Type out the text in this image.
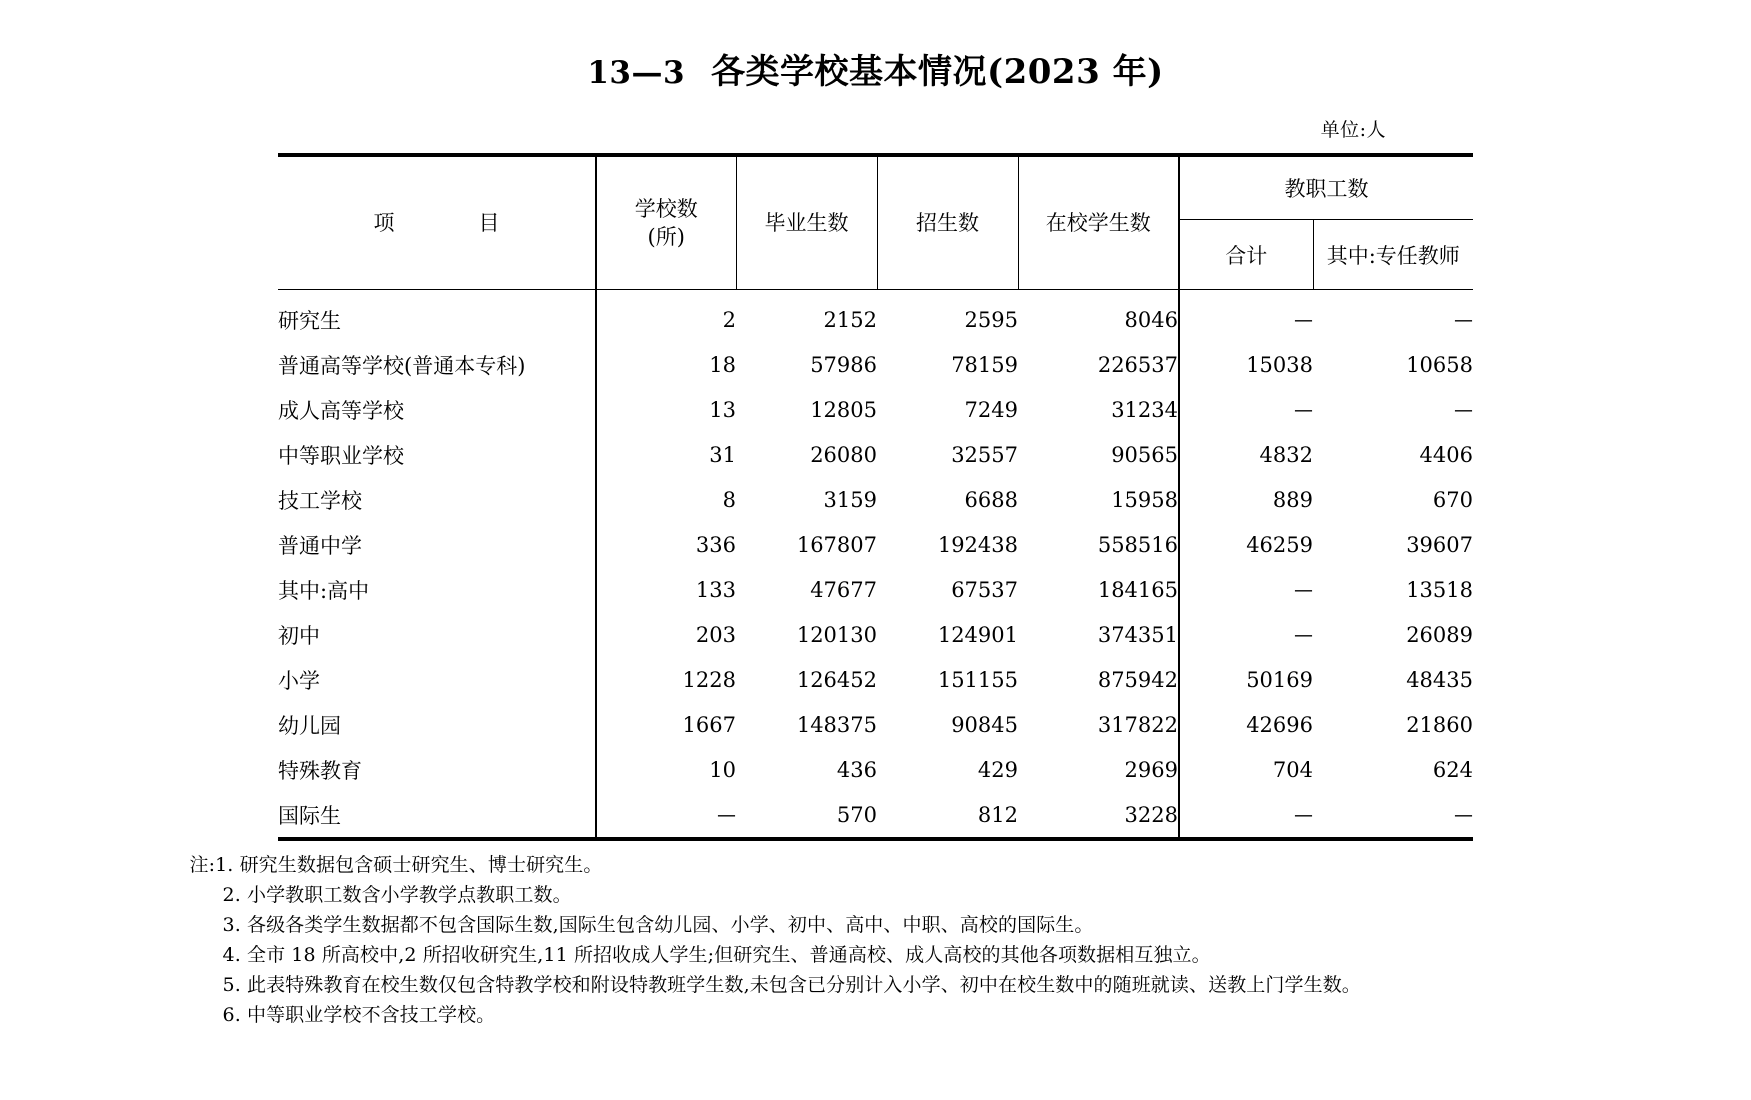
13—3 各类学校基本情况(2023 年)
单位:人
项　　目	学校数
(所)	毕业生数	招生数	在校学生数	教职工数	
					合计	其中:专任教师
研究生	2	2152	2595	8046	—	—
普通高等学校(普通本专科)	18	57986	78159	226537	15038	10658
成人高等学校	13	12805	7249	31234	—	—
中等职业学校	31	26080	32557	90565	4832	4406
技工学校	8	3159	6688	15958	889	670
普通中学	336	167807	192438	558516	46259	39607
其中:高中	133	47677	67537	184165	—	13518
初中	203	120130	124901	374351	—	26089
小学	1228	126452	151155	875942	50169	48435
幼儿园	1667	148375	90845	317822	42696	21860
特殊教育	10	436	429	2969	704	624
国际生	—	570	812	3228	—	—
注:1. 研究生数据包含硕士研究生、博士研究生。
2. 小学教职工数含小学教学点教职工数。
3. 各级各类学生数据都不包含国际生数,国际生包含幼儿园、小学、初中、高中、中职、高校的国际生。
4. 全市 18 所高校中,2 所招收研究生,11 所招收成人学生;但研究生、普通高校、成人高校的其他各项数据相互独立。
5. 此表特殊教育在校生数仅包含特教学校和附设特教班学生数,未包含已分别计入小学、初中在校生数中的随班就读、送教上门学生数。
6. 中等职业学校不含技工学校。
